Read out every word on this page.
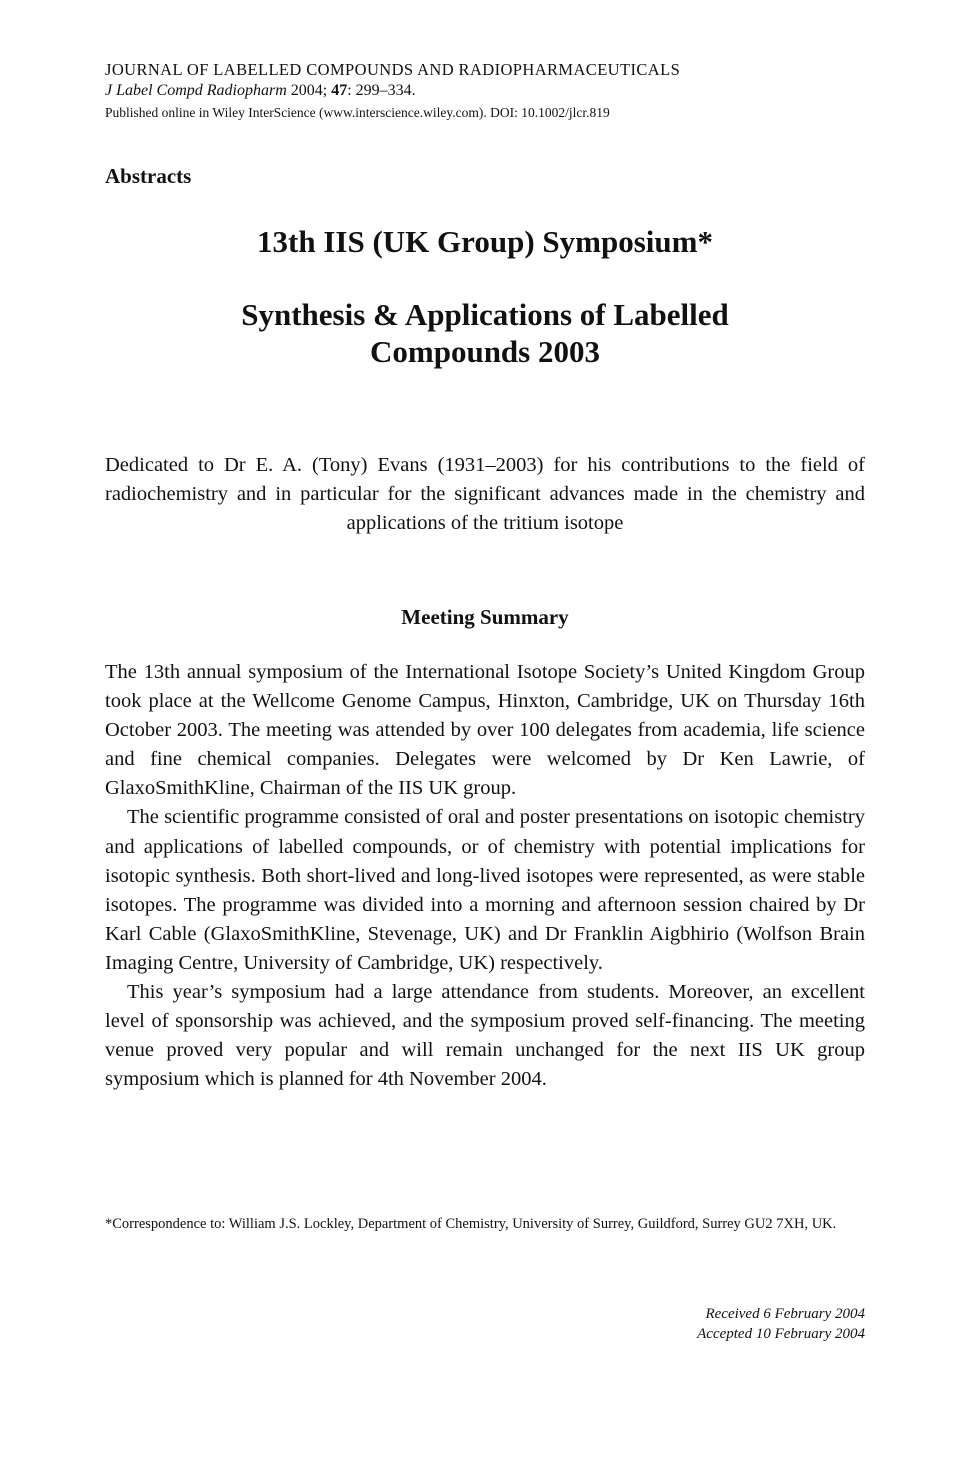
JOURNAL OF LABELLED COMPOUNDS AND RADIOPHARMACEUTICALS
J Label Compd Radiopharm 2004; 47: 299–334.
Published online in Wiley InterScience (www.interscience.wiley.com). DOI: 10.1002/jlcr.819
Abstracts
13th IIS (UK Group) Symposium*
Synthesis & Applications of Labelled
Compounds 2003
Dedicated to Dr E. A. (Tony) Evans (1931–2003) for his contributions to the field of radiochemistry and in particular for the significant advances made in the chemistry and applications of the tritium isotope
Meeting Summary

The 13th annual symposium of the International Isotope Society’s United Kingdom Group took place at the Wellcome Genome Campus, Hinxton, Cambridge, UK on Thursday 16th October 2003. The meeting was attended by over 100 delegates from academia, life science and fine chemical companies. Delegates were welcomed by Dr Ken Lawrie, of GlaxoSmithKline, Chairman of the IIS UK group.

The scientific programme consisted of oral and poster presentations on isotopic chemistry and applications of labelled compounds, or of chemistry with potential implications for isotopic synthesis. Both short-lived and long-lived isotopes were represented, as were stable isotopes. The programme was divided into a morning and afternoon session chaired by Dr Karl Cable (GlaxoSmithKline, Stevenage, UK) and Dr Franklin Aigbhirio (Wolfson Brain Imaging Centre, University of Cambridge, UK) respectively.

This year’s symposium had a large attendance from students. Moreover, an excellent level of sponsorship was achieved, and the symposium proved self-financing. The meeting venue proved very popular and will remain unchanged for the next IIS UK group symposium which is planned for 4th November 2004.

*Correspondence to: William J.S. Lockley, Department of Chemistry, University of Surrey, Guildford, Surrey GU2 7XH, UK.
Received 6 February 2004
Accepted 10 February 2004
